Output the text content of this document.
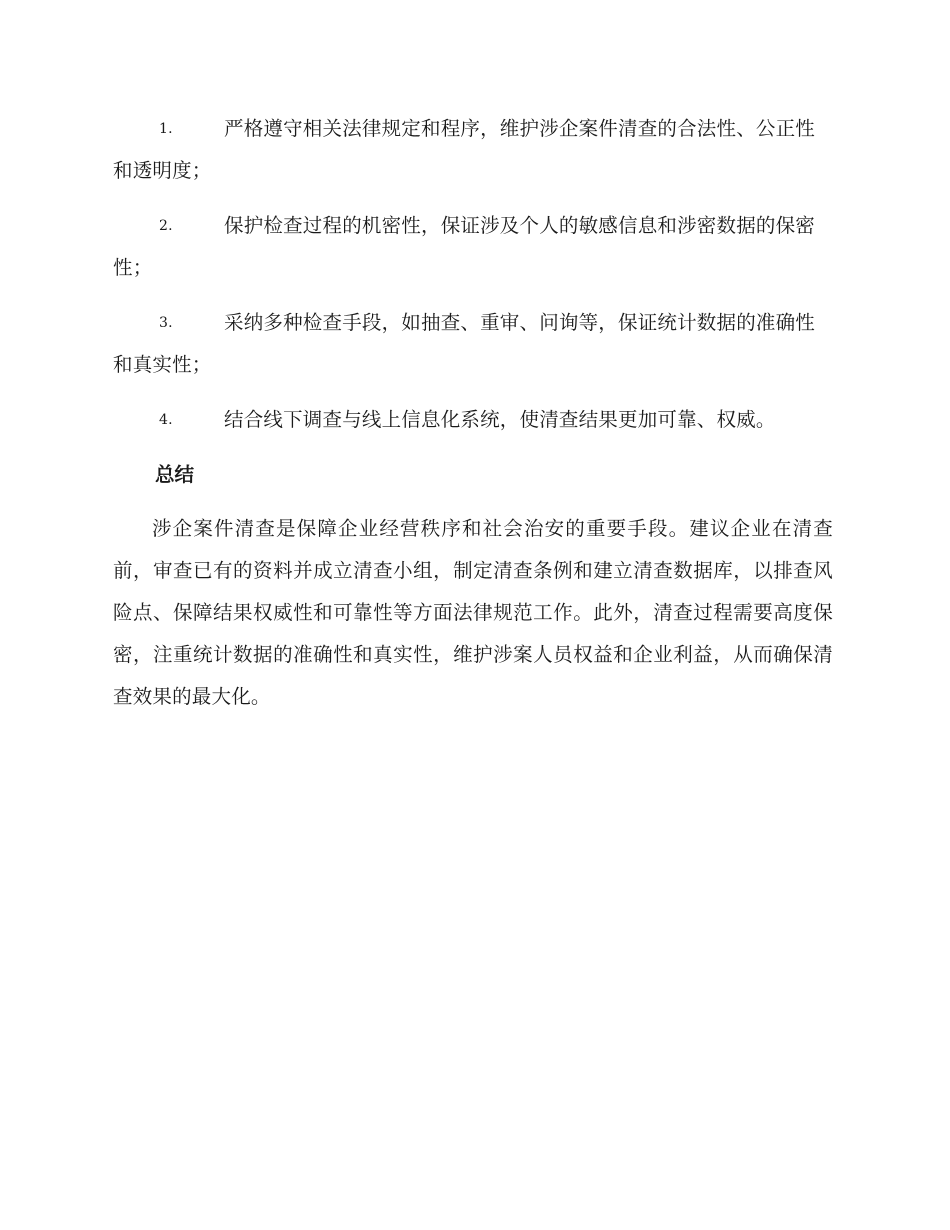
1.	严格遵守相关法律规定和程序，维护涉企案件清查的合法性、公正性和透明度；
2.	保护检查过程的机密性，保证涉及个人的敏感信息和涉密数据的保密性；
3.	采纳多种检查手段，如抽查、重审、问询等，保证统计数据的准确性和真实性；
4.	结合线下调查与线上信息化系统，使清查结果更加可靠、权威。
总结

涉企案件清查是保障企业经营秩序和社会治安的重要手段。建议企业在清查前，审查已有的资料并成立清查小组，制定清查条例和建立清查数据库，以排查风险点、保障结果权威性和可靠性等方面法律规范工作。此外，清查过程需要高度保密，注重统计数据的准确性和真实性，维护涉案人员权益和企业利益，从而确保清查效果的最大化。
